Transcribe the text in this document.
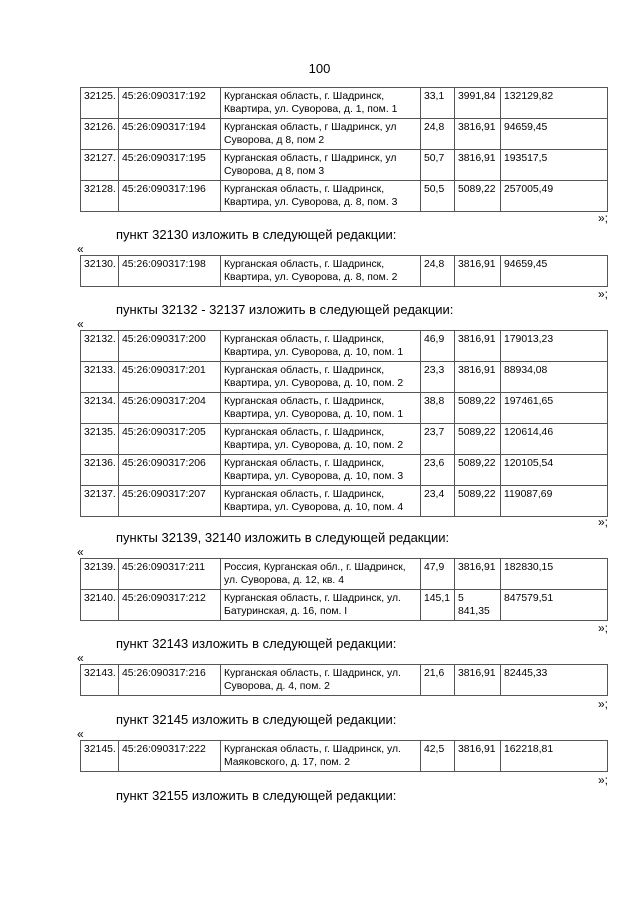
100
32125.	45:26:090317:192	Курганская область, г. Шадринск, Квартира, ул. Суворова, д. 1, пом. 1	33,1	3991,84	132129,82
32126.	45:26:090317:194	Курганская область, г Шадринск, ул Суворова, д 8, пом 2	24,8	3816,91	94659,45
32127.	45:26:090317:195	Курганская область, г Шадринск, ул Суворова, д 8, пом 3	50,7	3816,91	193517,5
32128.	45:26:090317:196	Курганская область, г. Шадринск, Квартира, ул. Суворова, д. 8, пом. 3	50,5	5089,22	257005,49
»;
пункт 32130 изложить в следующей редакции:
«
32130.	45:26:090317:198	Курганская область, г. Шадринск, Квартира, ул. Суворова, д. 8, пом. 2	24,8	3816,91	94659,45
»;
пункты 32132 - 32137 изложить в следующей редакции:
«
32132.	45:26:090317:200	Курганская область, г. Шадринск, Квартира, ул. Суворова, д. 10, пом. 1	46,9	3816,91	179013,23
32133.	45:26:090317:201	Курганская область, г. Шадринск, Квартира, ул. Суворова, д. 10, пом. 2	23,3	3816,91	88934,08
32134.	45:26:090317:204	Курганская область, г. Шадринск, Квартира, ул. Суворова, д. 10, пом. 1	38,8	5089,22	197461,65
32135.	45:26:090317:205	Курганская область, г. Шадринск, Квартира, ул. Суворова, д. 10, пом. 2	23,7	5089,22	120614,46
32136.	45:26:090317:206	Курганская область, г. Шадринск, Квартира, ул. Суворова, д. 10, пом. 3	23,6	5089,22	120105,54
32137.	45:26:090317:207	Курганская область, г. Шадринск, Квартира, ул. Суворова, д. 10, пом. 4	23,4	5089,22	119087,69
»;
пункты 32139, 32140 изложить в следующей редакции:
«
32139.	45:26:090317:211	Россия, Курганская обл., г. Шадринск, ул. Суворова, д. 12, кв. 4	47,9	3816,91	182830,15
32140.	45:26:090317:212	Курганская область, г. Шадринск, ул. Батуринская, д. 16, пом. I	145,1	5 841,35	847579,51
»;
пункт 32143 изложить в следующей редакции:
«
32143.	45:26:090317:216	Курганская область, г. Шадринск, ул. Суворова, д. 4, пом. 2	21,6	3816,91	82445,33
»;
пункт 32145 изложить в следующей редакции:
«
32145.	45:26:090317:222	Курганская область, г. Шадринск, ул. Маяковского, д. 17, пом. 2	42,5	3816,91	162218,81
»;
пункт 32155 изложить в следующей редакции:
